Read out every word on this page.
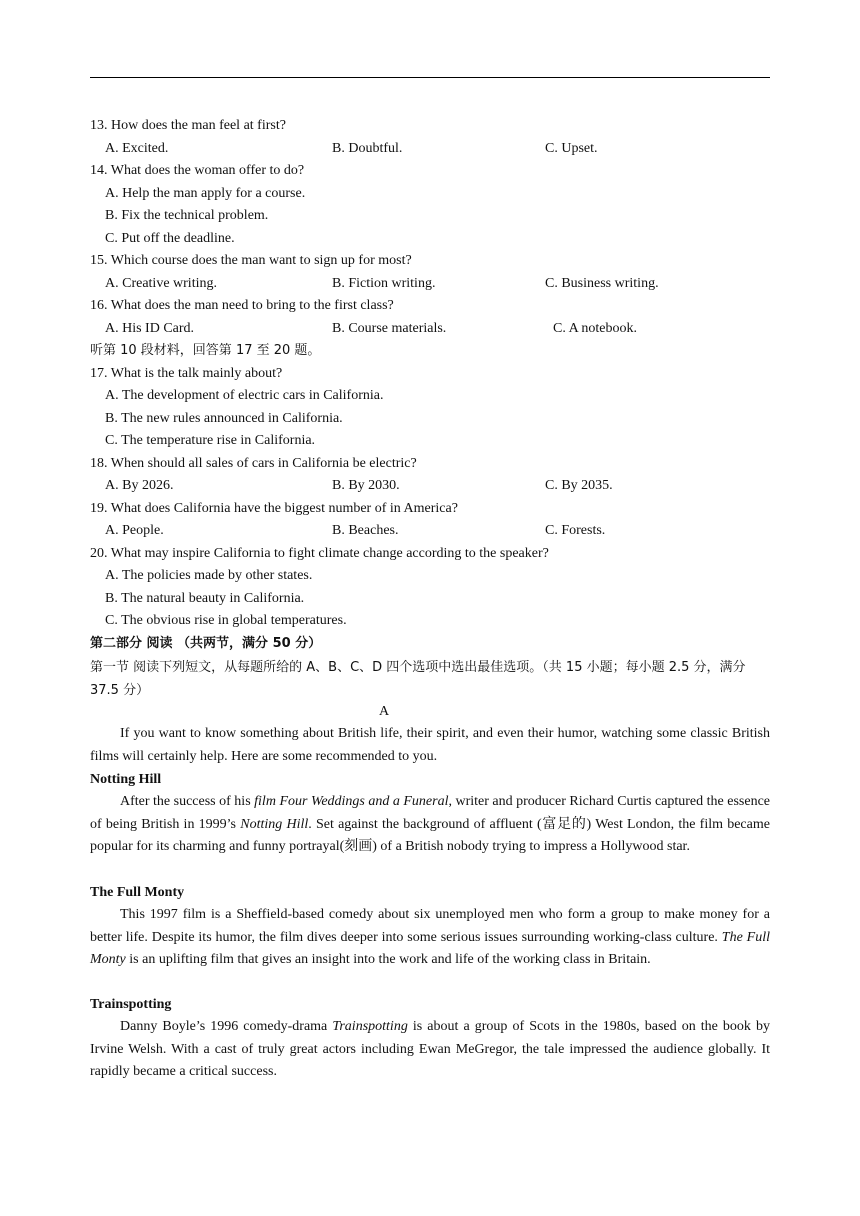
13. How does the man feel at first?
A. Excited.	B. Doubtful.	C. Upset.
14. What does the woman offer to do?
A. Help the man apply for a course.
B. Fix the technical problem.
C. Put off the deadline.
15. Which course does the man want to sign up for most?
A. Creative writing.	B. Fiction writing.	C. Business writing.
16. What does the man need to bring to the first class?
A. His ID Card.	B. Course materials.	C. A notebook.
听第 10 段材料，回答第 17 至 20 题。
17. What is the talk mainly about?
A. The development of electric cars in California.
B. The new rules announced in California.
C. The temperature rise in California.
18. When should all sales of cars in California be electric?
A. By 2026.	B. By 2030.	C. By 2035.
19. What does California have the biggest number of in America?
A. People.	B. Beaches.	C. Forests.
20. What may inspire California to fight climate change according to the speaker?
A. The policies made by other states.
B. The natural beauty in California.
C. The obvious rise in global temperatures.
第二部分 阅读 （共两节，满分 50 分）
第一节 阅读下列短文，从每题所给的 A、B、C、D 四个选项中选出最佳选项。（共 15 小题；每小题 2.5 分，满分 37.5 分）
A

If you want to know something about British life, their spirit, and even their humor, watching some classic British films will certainly help. Here are some recommended to you.

Notting Hill

After the success of his film Four Weddings and a Funeral, writer and producer Richard Curtis captured the essence of being British in 1999’s Notting Hill. Set against the background of affluent (富足的) West London, the film became popular for its charming and funny portrayal(刻画) of a British nobody trying to impress a Hollywood star.

The Full Monty

This 1997 film is a Sheffield-based comedy about six unemployed men who form a group to make money for a better life. Despite its humor, the film dives deeper into some serious issues surrounding working-class culture. The Full Monty is an uplifting film that gives an insight into the work and life of the working class in Britain.

Trainspotting

Danny Boyle’s 1996 comedy-drama Trainspotting is about a group of Scots in the 1980s, based on the book by Irvine Welsh. With a cast of truly great actors including Ewan MeGregor, the tale impressed the audience globally. It rapidly became a critical success.
